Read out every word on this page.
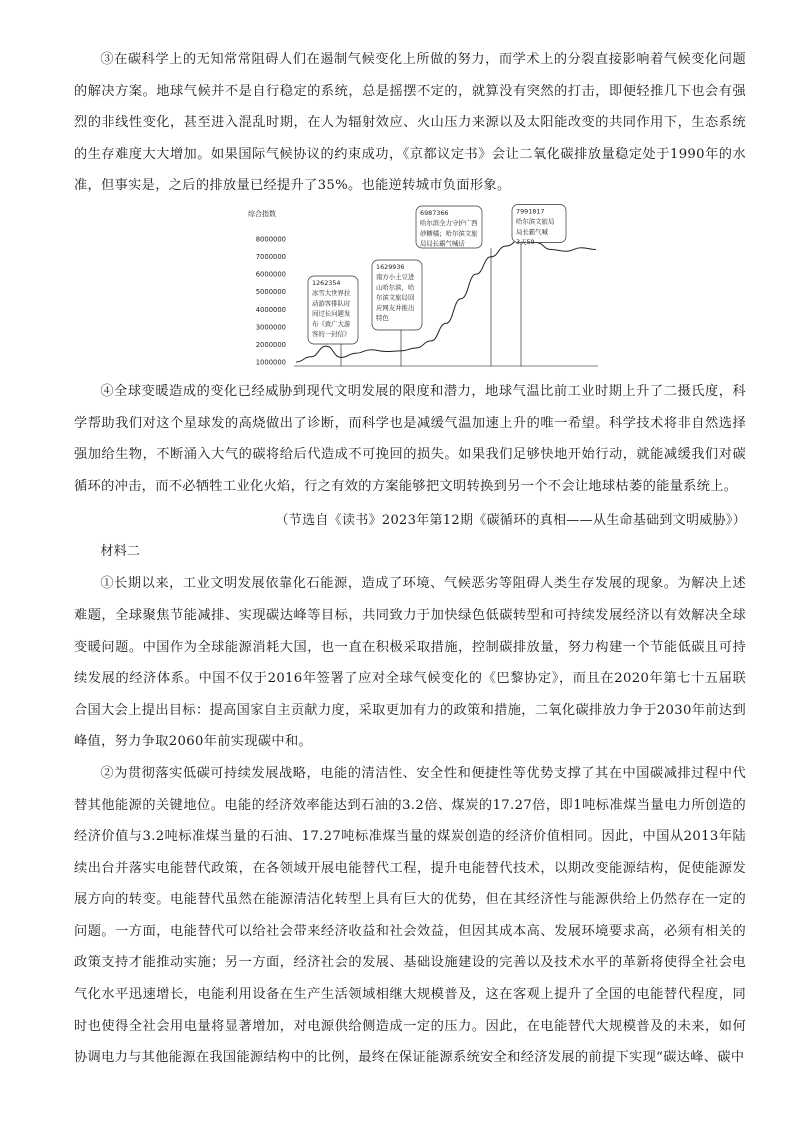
③在碳科学上的无知常常阻碍人们在遏制气候变化上所做的努力，而学术上的分裂直接影响着气候变化问题的解决方案。地球气候并不是自行稳定的系统，总是摇摆不定的，就算没有突然的打击，即便轻推几下也会有强烈的非线性变化，甚至进入混乱时期，在人为辐射效应、火山压力来源以及太阳能改变的共同作用下，生态系统的生存难度大大增加。如果国际气候协议的约束成功，《京都议定书》会让二氧化碳排放量稳定处于1990年的水准，但事实是，之后的排放量已经提升了35%。也能逆转城市负面形象。

综合指数
8000000
7000000
6000000
5000000
4000000
3000000
2000000
1000000
1262354
冰雪大世界拉
动游客排队时
间过长问题发
布《致广大游
客的一封信》
1629936
南方小土豆进
山哈尔滨，哈
尔滨文旅局回
应网友并推出
特色
6987366
哈尔滨全力守护广西
砂糖橘；哈尔滨文旅
局局长霸气喊话
7991817
哈尔滨文旅局
局长霸气喊
3天59

④全球变暖造成的变化已经威胁到现代文明发展的限度和潜力，地球气温比前工业时期上升了二摄氏度，科学帮助我们对这个星球发的高烧做出了诊断，而科学也是减缓气温加速上升的唯一希望。科学技术将非自然选择强加给生物，不断涌入大气的碳将给后代造成不可挽回的损失。如果我们足够快地开始行动，就能减缓我们对碳循环的冲击，而不必牺牲工业化火焰，行之有效的方案能够把文明转换到另一个不会让地球枯萎的能量系统上。

（节选自《读书》2023年第12期《碳循环的真相——从生命基础到文明威胁》）

材料二

①长期以来，工业文明发展依靠化石能源，造成了环境、气候恶劣等阻碍人类生存发展的现象。为解决上述难题，全球聚焦节能减排、实现碳达峰等目标，共同致力于加快绿色低碳转型和可持续发展经济以有效解决全球变暖问题。中国作为全球能源消耗大国，也一直在积极采取措施，控制碳排放量，努力构建一个节能低碳且可持续发展的经济体系。中国不仅于2016年签署了应对全球气候变化的《巴黎协定》，而且在2020年第七十五届联合国大会上提出目标：提高国家自主贡献力度，采取更加有力的政策和措施，二氧化碳排放力争于2030年前达到峰值，努力争取2060年前实现碳中和。

②为贯彻落实低碳可持续发展战略，电能的清洁性、安全性和便捷性等优势支撑了其在中国碳减排过程中代替其他能源的关键地位。电能的经济效率能达到石油的3.2倍、煤炭的17.27倍，即1吨标准煤当量电力所创造的经济价值与3.2吨标准煤当量的石油、17.27吨标准煤当量的煤炭创造的经济价值相同。因此，中国从2013年陆续出台并落实电能替代政策，在各领域开展电能替代工程，提升电能替代技术，以期改变能源结构，促使能源发展方向的转变。电能替代虽然在能源清洁化转型上具有巨大的优势，但在其经济性与能源供给上仍然存在一定的问题。一方面，电能替代可以给社会带来经济收益和社会效益，但因其成本高、发展环境要求高，必须有相关的政策支持才能推动实施；另一方面，经济社会的发展、基础设施建设的完善以及技术水平的革新将使得全社会电气化水平迅速增长，电能利用设备在生产生活领域相继大规模普及，这在客观上提升了全国的电能替代程度，同时也使得全社会用电量将显著增加，对电源供给侧造成一定的压力。因此，在电能替代大规模普及的未来，如何协调电力与其他能源在我国能源结构中的比例，最终在保证能源系统安全和经济发展的前提下实现“碳达峰、碳中
